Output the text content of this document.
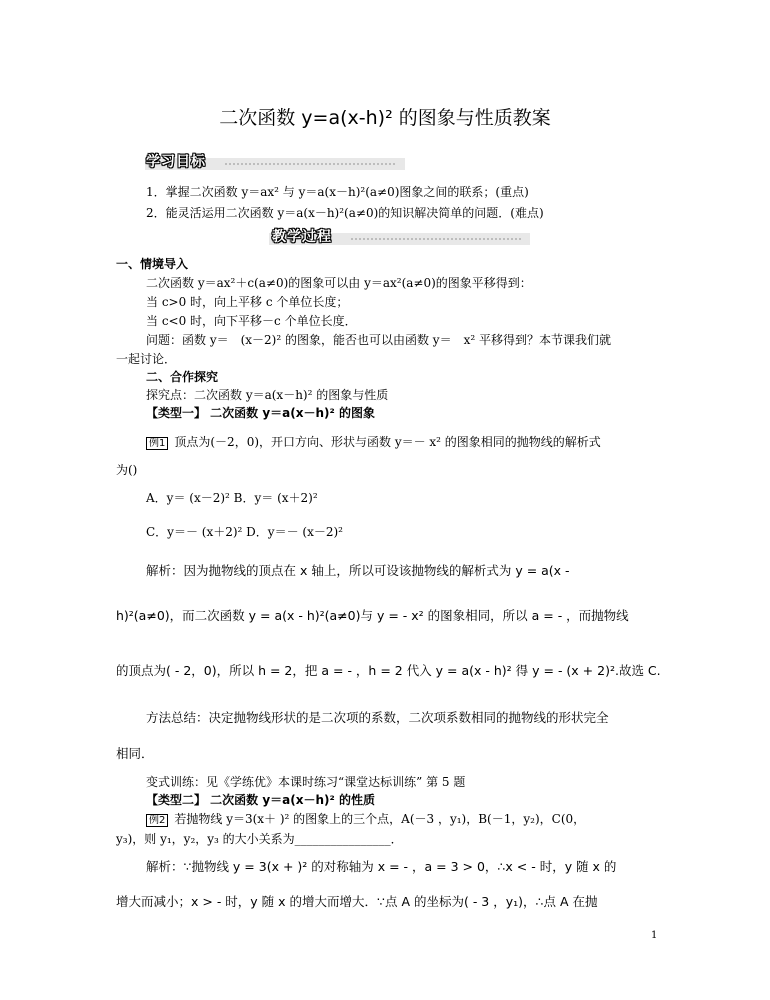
二次函数 y=a(x-h)² 的图象与性质教案
学习目标
1．掌握二次函数 y＝ax² 与 y＝a(x－h)²(a≠0)图象之间的联系；(重点)
2．能灵活运用二次函数 y＝a(x－h)²(a≠0)的知识解决简单的问题．(难点)
教学过程
一、情境导入
二次函数 y＝ax²＋c(a≠0)的图象可以由 y＝ax²(a≠0)的图象平移得到：
当 c>0 时，向上平移 c 个单位长度；
当 c<0 时，向下平移－c 个单位长度．
问题：函数 y＝　(x－2)² 的图象，能否也可以由函数 y＝　x² 平移得到？本节课我们就
一起讨论．
二、合作探究
探究点：二次函数 y＝a(x－h)² 的图象与性质
【类型一】 二次函数 y＝a(x－h)² 的图象
例1 顶点为(－2，0)，开口方向、形状与函数 y＝－ x² 的图象相同的抛物线的解析式
为()
A．y＝ (x－2)² B．y＝ (x＋2)²
C．y＝－ (x＋2)² D．y＝－ (x－2)²
解析：因为抛物线的顶点在 x 轴上，所以可设该抛物线的解析式为 y = a(x -
h)²(a≠0)，而二次函数 y = a(x - h)²(a≠0)与 y = - x² 的图象相同，所以 a = - ，而抛物线
的顶点为( - 2，0)，所以 h = 2，把 a = - ，h = 2 代入 y = a(x - h)² 得 y = - (x + 2)².故选 C.
方法总结：决定抛物线形状的是二次项的系数，二次项系数相同的抛物线的形状完全
相同．
变式训练：见《学练优》本课时练习“课堂达标训练” 第 5 题
【类型二】 二次函数 y＝a(x－h)² 的性质
例2 若抛物线 y＝3(x＋ )² 的图象上的三个点，A(－3 ，y₁)，B(－1，y₂)，C(0，
y₃)，则 y₁，y₂，y₃ 的大小关系为________________．
解析：∵抛物线 y = 3(x + )² 的对称轴为 x = - ，a = 3 > 0，∴x < - 时，y 随 x 的
增大而减小；x > - 时，y 随 x 的增大而增大．∵点 A 的坐标为( - 3 ，y₁)，∴点 A 在抛
1
